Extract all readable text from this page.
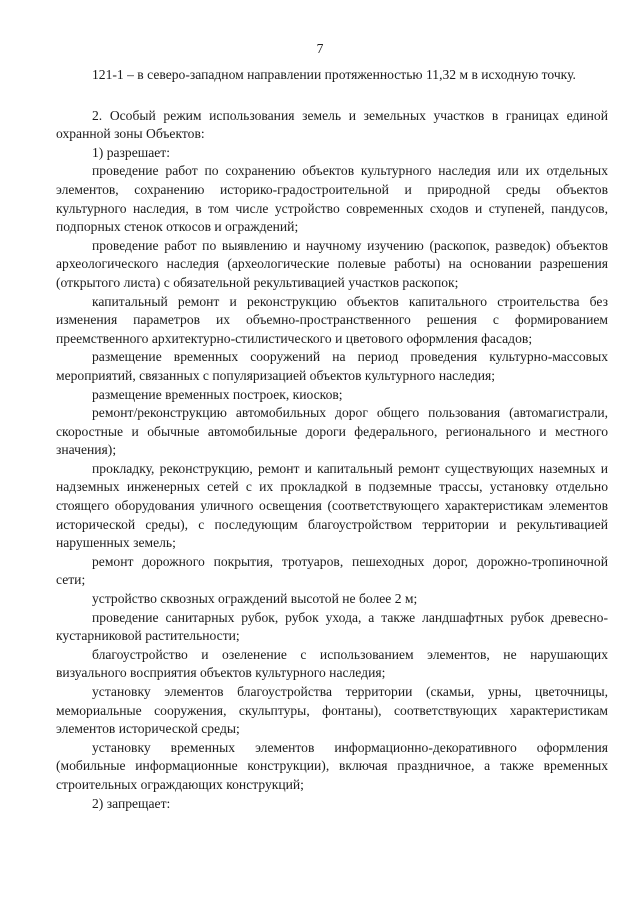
7

121-1 – в северо-западном направлении протяженностью 11,32 м в исходную точку.

2. Особый режим использования земель и земельных участков в границах единой охранной зоны Объектов:

1) разрешает:

проведение работ по сохранению объектов культурного наследия или их отдельных элементов, сохранению историко-градостроительной и природной среды объектов культурного наследия, в том числе устройство современных сходов и ступеней, пандусов, подпорных стенок откосов и ограждений;

проведение работ по выявлению и научному изучению (раскопок, разведок) объектов археологического наследия (археологические полевые работы) на основании разрешения (открытого листа) с обязательной рекультивацией участков раскопок;

капитальный ремонт и реконструкцию объектов капитального строительства без изменения параметров их объемно-пространственного решения с формированием преемственного архитектурно-стилистического и цветового оформления фасадов;

размещение временных сооружений на период проведения культурно-массовых мероприятий, связанных с популяризацией объектов культурного наследия;

размещение временных построек, киосков;

ремонт/реконструкцию автомобильных дорог общего пользования (автомагистрали, скоростные и обычные автомобильные дороги федерального, регионального и местного значения);

прокладку, реконструкцию, ремонт и капитальный ремонт существующих наземных и надземных инженерных сетей с их прокладкой в подземные трассы, установку отдельно стоящего оборудования уличного освещения (соответствующего характеристикам элементов исторической среды), с последующим благоустройством территории и рекультивацией нарушенных земель;

ремонт дорожного покрытия, тротуаров, пешеходных дорог, дорожно-тропиночной сети;

устройство сквозных ограждений высотой не более 2 м;

проведение санитарных рубок, рубок ухода, а также ландшафтных рубок древесно-кустарниковой растительности;

благоустройство и озеленение с использованием элементов, не нарушающих визуального восприятия объектов культурного наследия;

установку элементов благоустройства территории (скамьи, урны, цветочницы, мемориальные сооружения, скульптуры, фонтаны), соответствующих характеристикам элементов исторической среды;

установку временных элементов информационно-декоративного оформления (мобильные информационные конструкции), включая праздничное, а также временных строительных ограждающих конструкций;

2) запрещает:
